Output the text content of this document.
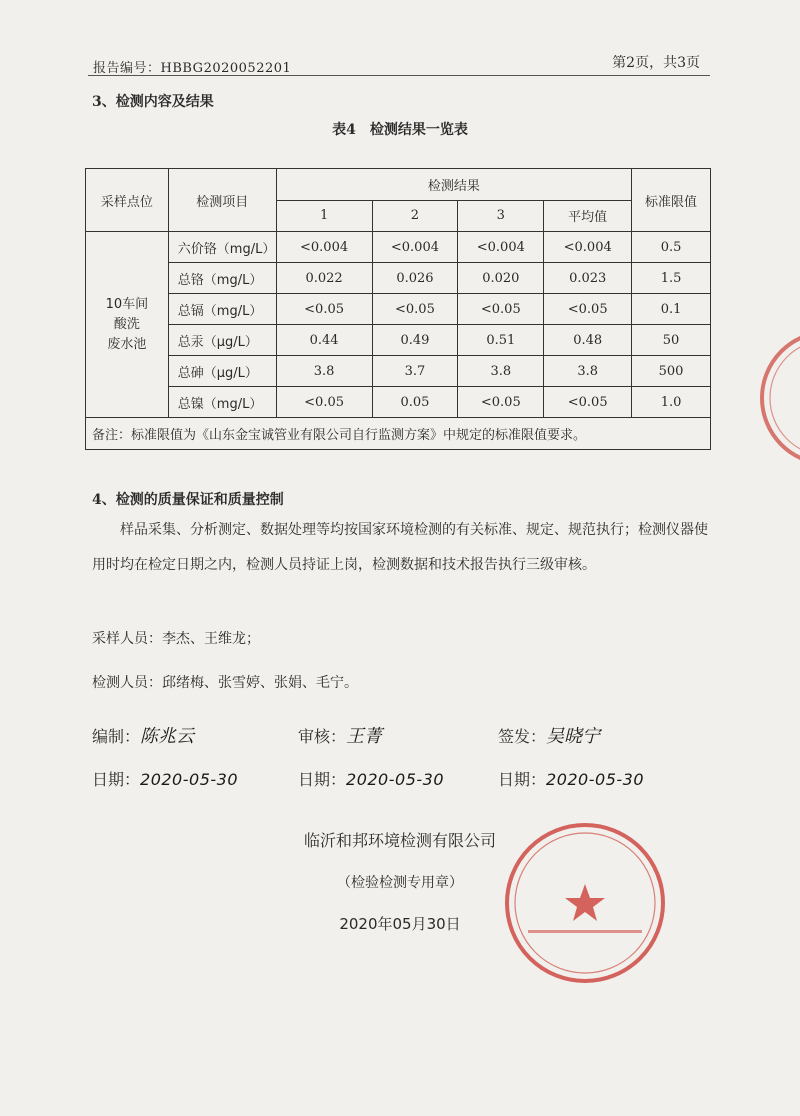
报告编号：HBBG2020052201	第2页，共3页
3、检测内容及结果
表4　检测结果一览表
采样点位	检测项目	检测结果				标准限值
		1	2	3	平均值	

10车间
酸洗
废水池	六价铬（mg/L）	<0.004	<0.004	<0.004	<0.004	0.5
	总铬（mg/L）	0.022	0.026	0.020	0.023	1.5
	总镉（mg/L）	<0.05	<0.05	<0.05	<0.05	0.1
	总汞（μg/L）	0.44	0.49	0.51	0.48	50
	总砷（μg/L）	3.8	3.7	3.8	3.8	500
	总镍（mg/L）	<0.05	0.05	<0.05	<0.05	1.0
备注：标准限值为《山东金宝诚管业有限公司自行监测方案》中规定的标准限值要求。						
4、检测的质量保证和质量控制
样品采集、分析测定、数据处理等均按国家环境检测的有关标准、规定、规范执行；检测仪器使用时均在检定日期之内，检测人员持证上岗，检测数据和技术报告执行三级审核。
采样人员：李杰、王维龙；
检测人员：邱绪梅、张雪婷、张娟、毛宁。
编制：陈兆云	审核：王菁	签发：吴晓宁
日期：2020-05-30	日期：2020-05-30	日期：2020-05-30
临沂和邦环境检测有限公司
（检验检测专用章）
2020年05月30日
